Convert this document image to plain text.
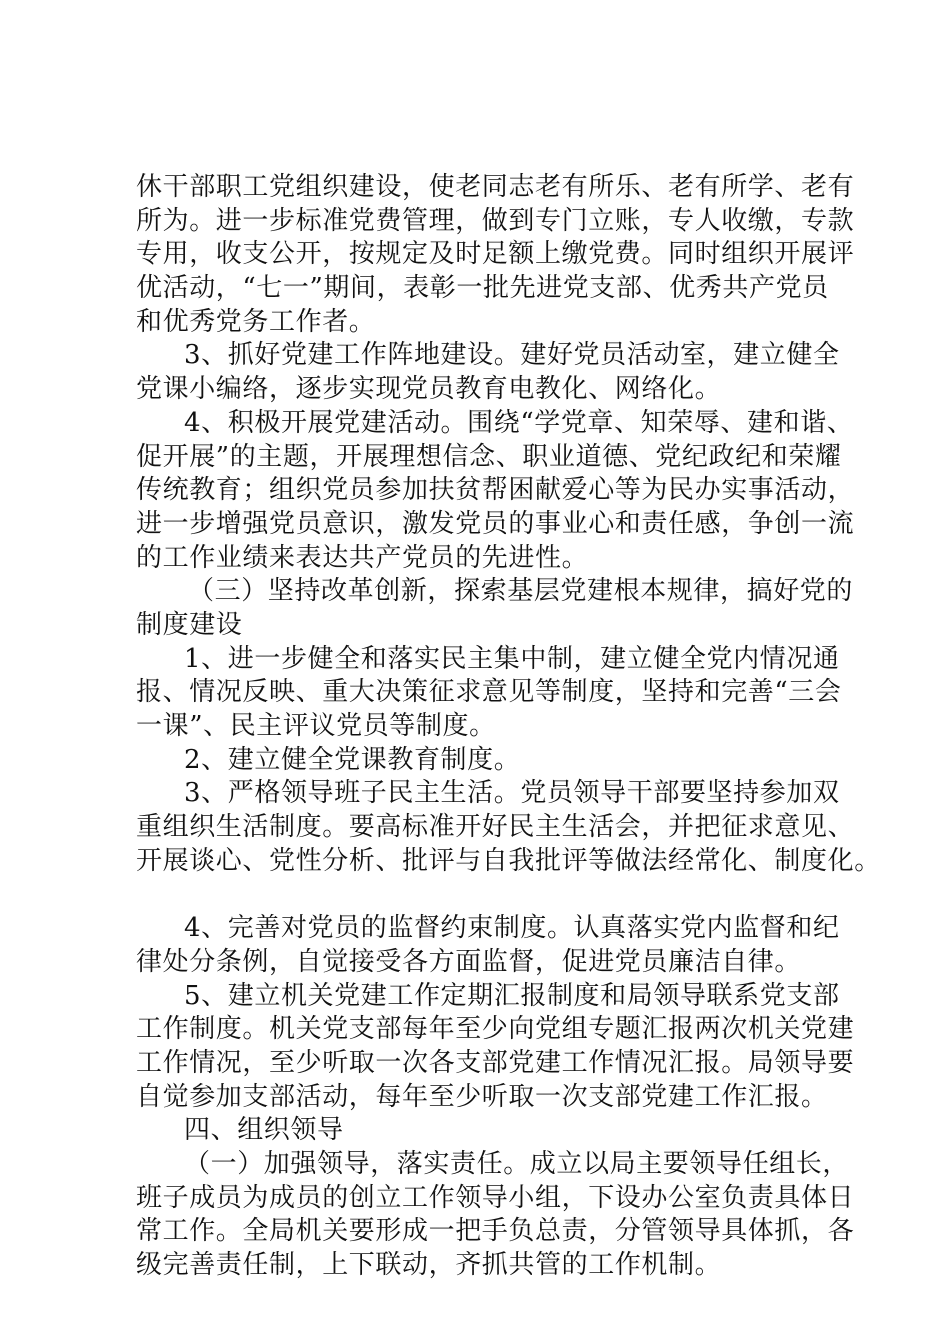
休干部职工党组织建设，使老同志老有所乐、老有所学、老有
所为。进一步标准党费管理，做到专门立账，专人收缴，专款
专用，收支公开，按规定及时足额上缴党费。同时组织开展评
优活动，“七一”期间，表彰一批先进党支部、优秀共产党员
和优秀党务工作者。
3、抓好党建工作阵地建设。建好党员活动室，建立健全
党课小编络，逐步实现党员教育电教化、网络化。
4、积极开展党建活动。围绕“学党章、知荣辱、建和谐、
促开展”的主题，开展理想信念、职业道德、党纪政纪和荣耀
传统教育；组织党员参加扶贫帮困献爱心等为民办实事活动，
进一步增强党员意识，激发党员的事业心和责任感，争创一流
的工作业绩来表达共产党员的先进性。
（三）坚持改革创新，探索基层党建根本规律，搞好党的
制度建设
1、进一步健全和落实民主集中制，建立健全党内情况通
报、情况反映、重大决策征求意见等制度，坚持和完善“三会
一课”、民主评议党员等制度。
2、建立健全党课教育制度。
3、严格领导班子民主生活。党员领导干部要坚持参加双
重组织生活制度。要高标准开好民主生活会，并把征求意见、
开展谈心、党性分析、批评与自我批评等做法经常化、制度化。
4、完善对党员的监督约束制度。认真落实党内监督和纪
律处分条例，自觉接受各方面监督，促进党员廉洁自律。
5、建立机关党建工作定期汇报制度和局领导联系党支部
工作制度。机关党支部每年至少向党组专题汇报两次机关党建
工作情况，至少听取一次各支部党建工作情况汇报。局领导要
自觉参加支部活动，每年至少听取一次支部党建工作汇报。
四、组织领导
（一）加强领导，落实责任。成立以局主要领导任组长，
班子成员为成员的创立工作领导小组，下设办公室负责具体日
常工作。全局机关要形成一把手负总责，分管领导具体抓，各
级完善责任制，上下联动，齐抓共管的工作机制。
